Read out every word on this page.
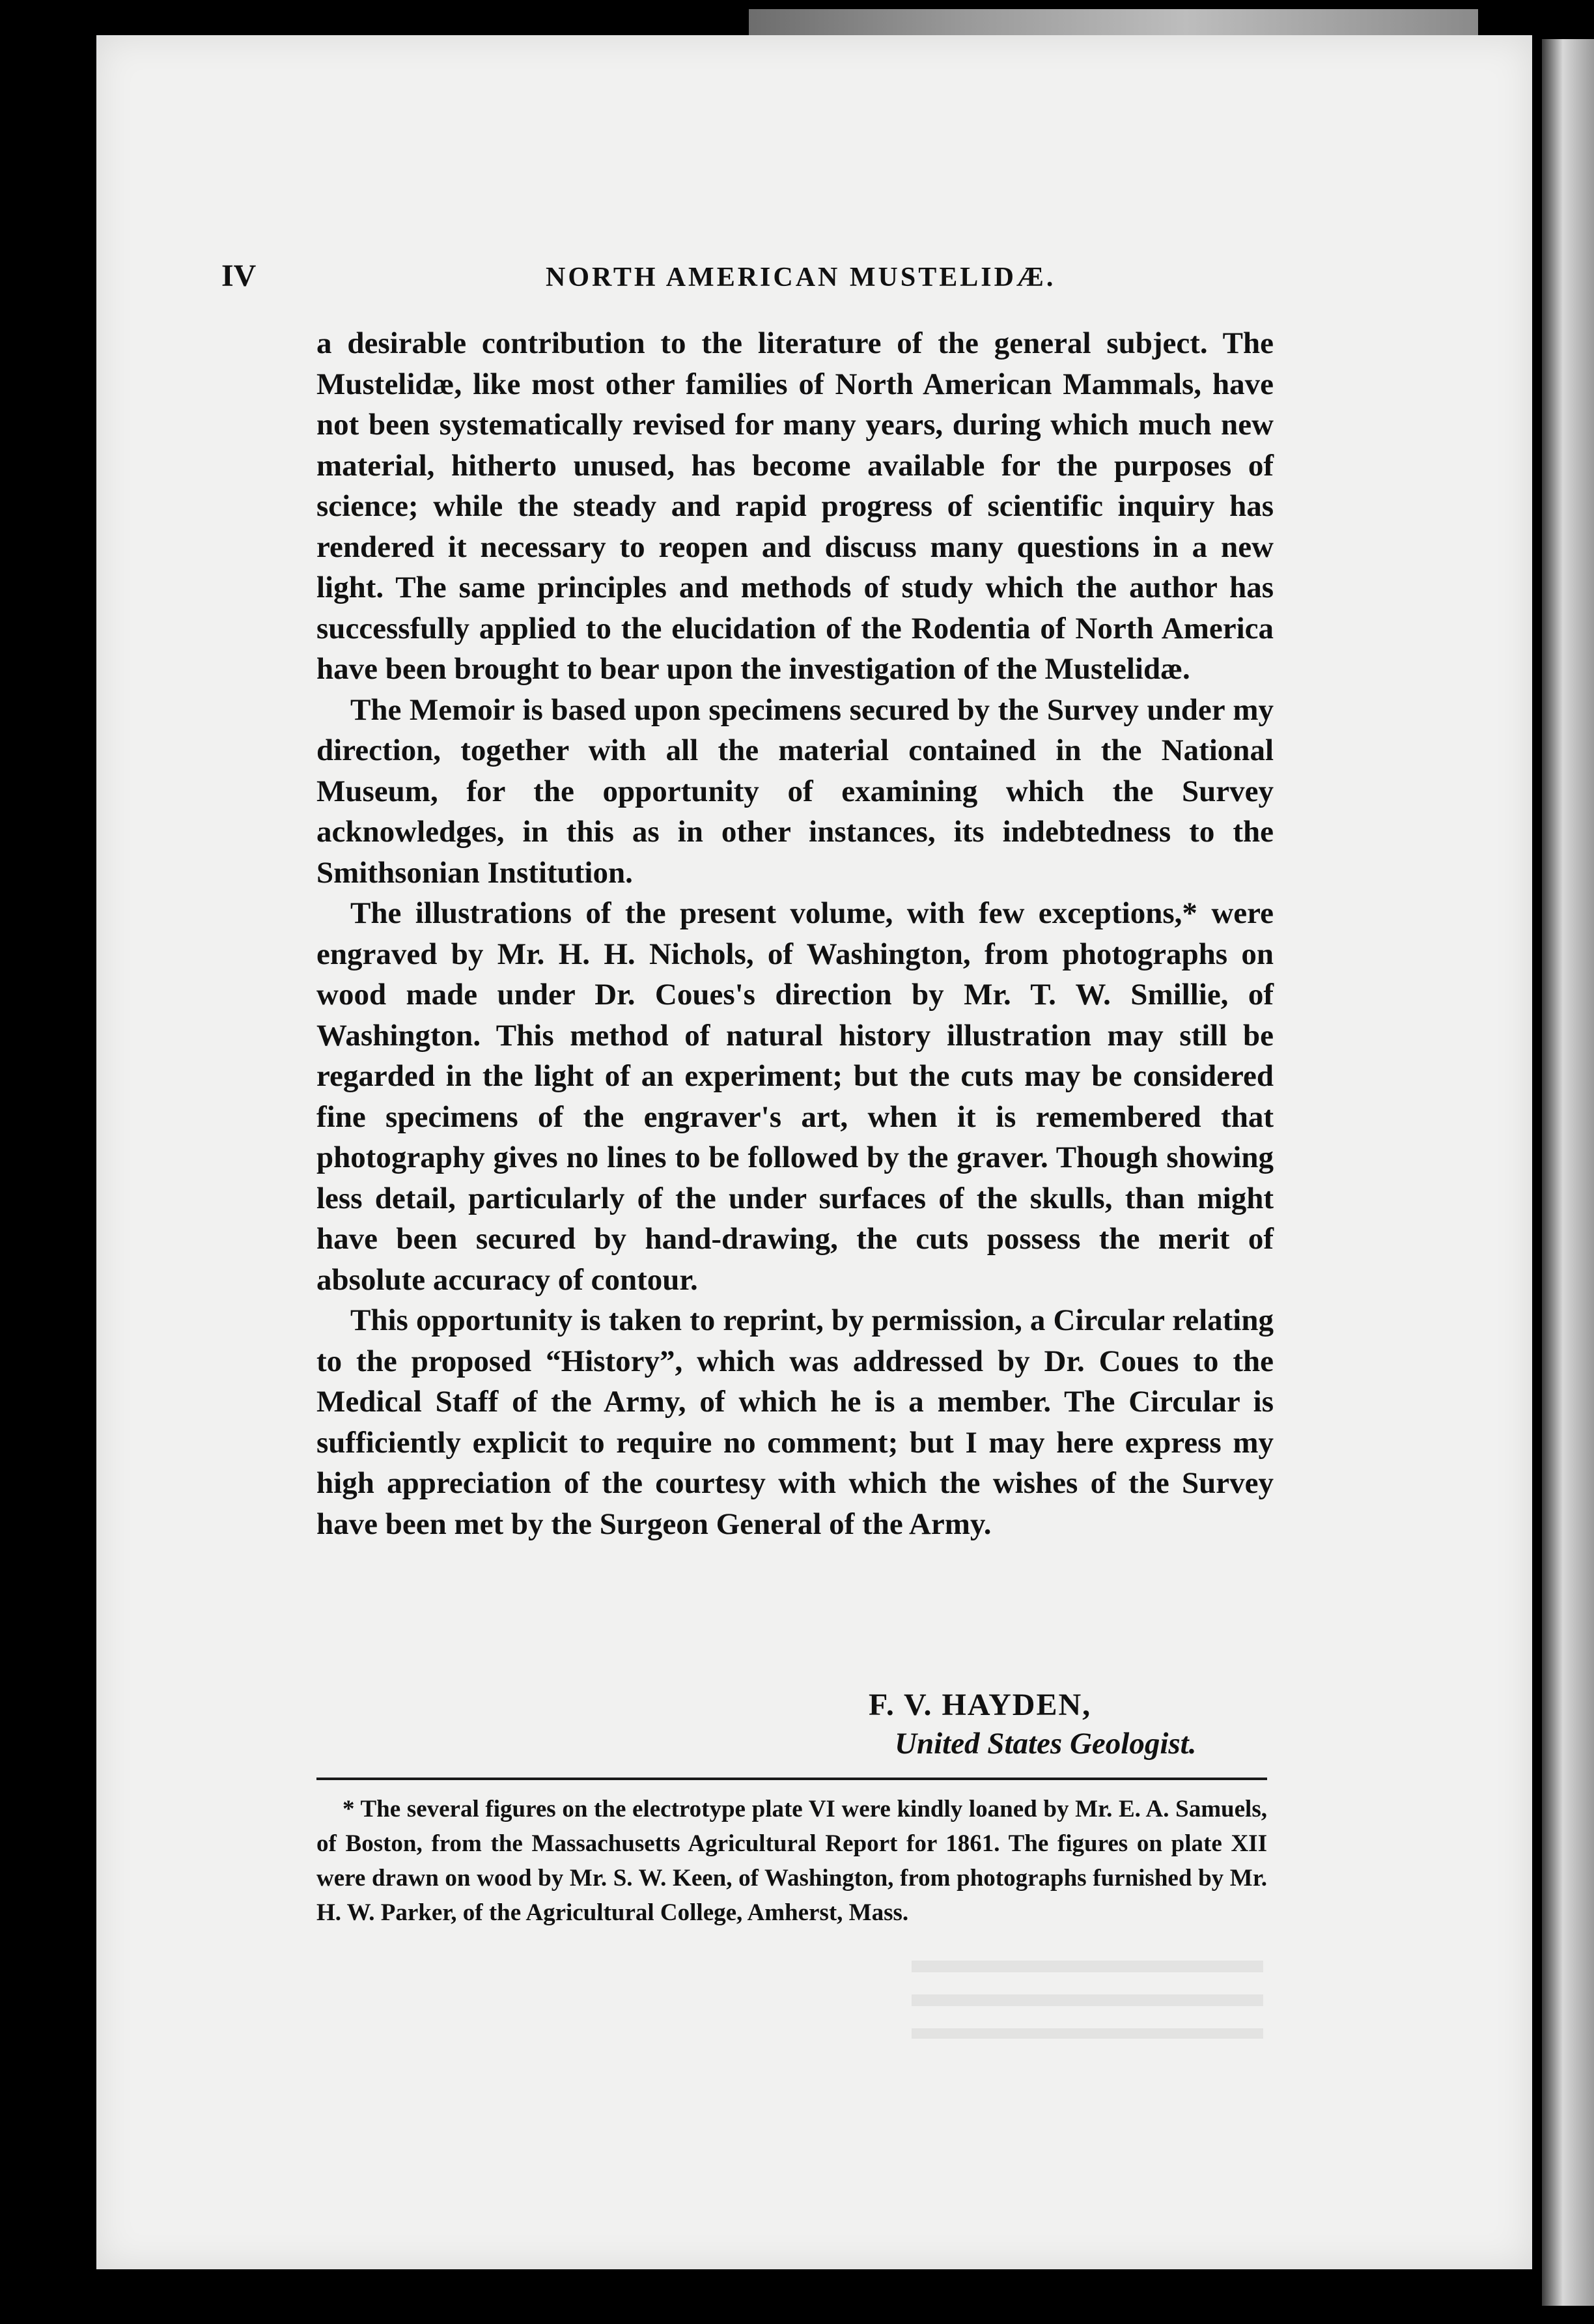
IV	NORTH AMERICAN MUSTELIDÆ.

a desirable contribution to the literature of the general subject. The Mustelidæ, like most other families of North American Mammals, have not been systematically revised for many years, during which much new material, hitherto unused, has become available for the purposes of science; while the steady and rapid progress of scientific inquiry has rendered it necessary to reopen and discuss many questions in a new light. The same principles and methods of study which the author has successfully applied to the elucidation of the Rodentia of North America have been brought to bear upon the investigation of the Mustelidæ.

The Memoir is based upon specimens secured by the Survey under my direction, together with all the material contained in the National Museum, for the opportunity of examining which the Survey acknowledges, in this as in other instances, its indebtedness to the Smithsonian Institution.

The illustrations of the present volume, with few exceptions,* were engraved by Mr. H. H. Nichols, of Washington, from photographs on wood made under Dr. Coues's direction by Mr. T. W. Smillie, of Washington. This method of natural history illustration may still be regarded in the light of an experiment; but the cuts may be considered fine specimens of the engraver's art, when it is remembered that photography gives no lines to be followed by the graver. Though showing less detail, particularly of the under surfaces of the skulls, than might have been secured by hand-drawing, the cuts possess the merit of absolute accuracy of contour.

This opportunity is taken to reprint, by permission, a Circular relating to the proposed “History”, which was addressed by Dr. Coues to the Medical Staff of the Army, of which he is a member. The Circular is sufficiently explicit to require no comment; but I may here express my high appreciation of the courtesy with which the wishes of the Survey have been met by the Surgeon General of the Army.

F. V. HAYDEN,
United States Geologist.

* The several figures on the electrotype plate VI were kindly loaned by Mr. E. A. Samuels, of Boston, from the Massachusetts Agricultural Report for 1861. The figures on plate XII were drawn on wood by Mr. S. W. Keen, of Washington, from photographs furnished by Mr. H. W. Parker, of the Agricultural College, Amherst, Mass.
